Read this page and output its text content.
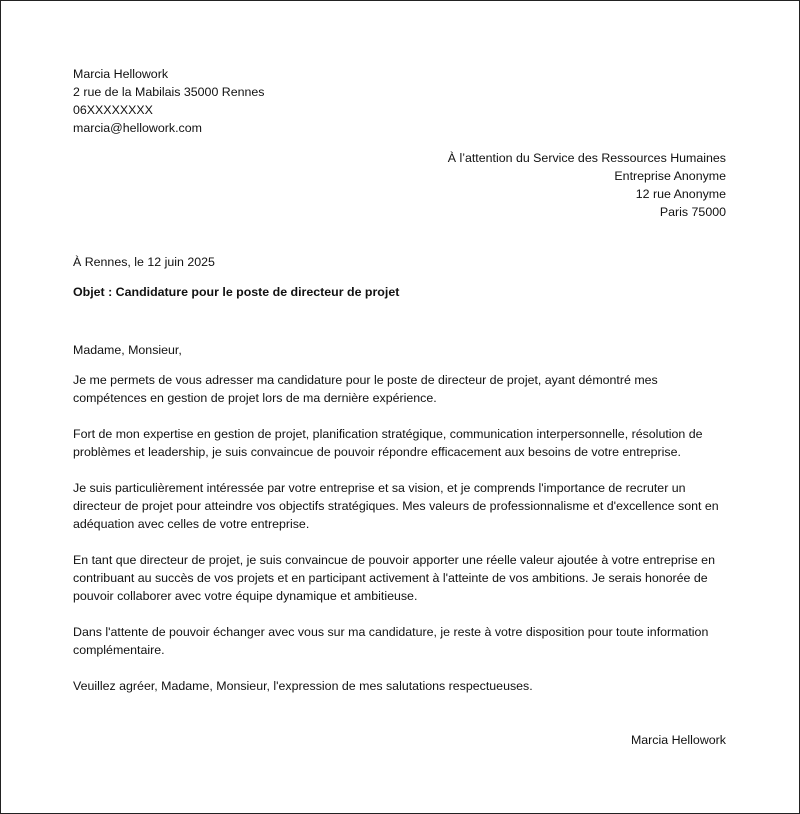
Marcia Hellowork
2 rue de la Mabilais 35000 Rennes
06XXXXXXXX
marcia@hellowork.com
À l’attention du Service des Ressources Humaines
Entreprise Anonyme
12 rue Anonyme
Paris 75000
À Rennes, le 12 juin 2025
Objet : Candidature pour le poste de directeur de projet

Madame, Monsieur,

Je me permets de vous adresser ma candidature pour le poste de directeur de projet, ayant démontré mes compétences en gestion de projet lors de ma dernière expérience.

Fort de mon expertise en gestion de projet, planification stratégique, communication interpersonnelle, résolution de problèmes et leadership, je suis convaincue de pouvoir répondre efficacement aux besoins de votre entreprise.

Je suis particulièrement intéressée par votre entreprise et sa vision, et je comprends l'importance de recruter un directeur de projet pour atteindre vos objectifs stratégiques. Mes valeurs de professionnalisme et d'excellence sont en adéquation avec celles de votre entreprise.

En tant que directeur de projet, je suis convaincue de pouvoir apporter une réelle valeur ajoutée à votre entreprise en contribuant au succès de vos projets et en participant activement à l'atteinte de vos ambitions. Je serais honorée de pouvoir collaborer avec votre équipe dynamique et ambitieuse.

Dans l'attente de pouvoir échanger avec vous sur ma candidature, je reste à votre disposition pour toute information complémentaire.

Veuillez agréer, Madame, Monsieur, l'expression de mes salutations respectueuses.

Marcia Hellowork
